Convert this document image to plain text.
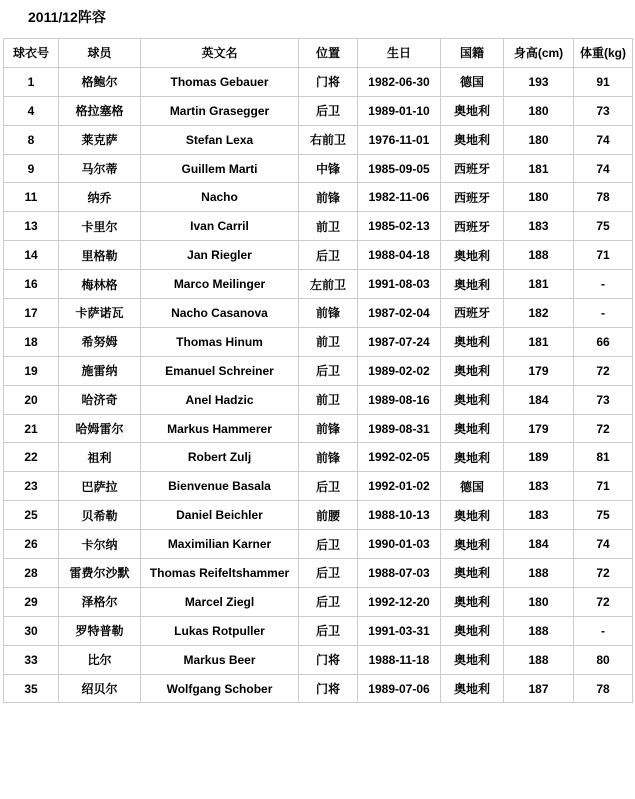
2011/12阵容
球衣号	球员	英文名	位置	生日	国籍	身高(cm)	体重(kg)
1	格鲍尔	Thomas Gebauer	门将	1982-06-30	德国	193	91
4	格拉塞格	Martin Grasegger	后卫	1989-01-10	奥地利	180	73
8	莱克萨	Stefan Lexa	右前卫	1976-11-01	奥地利	180	74
9	马尔蒂	Guillem Marti	中锋	1985-09-05	西班牙	181	74
11	纳乔	Nacho	前锋	1982-11-06	西班牙	180	78
13	卡里尔	Ivan Carril	前卫	1985-02-13	西班牙	183	75
14	里格勒	Jan Riegler	后卫	1988-04-18	奥地利	188	71
16	梅林格	Marco Meilinger	左前卫	1991-08-03	奥地利	181	-
17	卡萨诺瓦	Nacho Casanova	前锋	1987-02-04	西班牙	182	-
18	希努姆	Thomas Hinum	前卫	1987-07-24	奥地利	181	66
19	施雷纳	Emanuel Schreiner	后卫	1989-02-02	奥地利	179	72
20	哈济奇	Anel Hadzic	前卫	1989-08-16	奥地利	184	73
21	哈姆雷尔	Markus Hammerer	前锋	1989-08-31	奥地利	179	72
22	祖利	Robert Zulj	前锋	1992-02-05	奥地利	189	81
23	巴萨拉	Bienvenue Basala	后卫	1992-01-02	德国	183	71
25	贝希勒	Daniel Beichler	前腰	1988-10-13	奥地利	183	75
26	卡尔纳	Maximilian Karner	后卫	1990-01-03	奥地利	184	74
28	雷费尔沙默	Thomas Reifeltshammer	后卫	1988-07-03	奥地利	188	72
29	泽格尔	Marcel Ziegl	后卫	1992-12-20	奥地利	180	72
30	罗特普勒	Lukas Rotpuller	后卫	1991-03-31	奥地利	188	-
33	比尔	Markus Beer	门将	1988-11-18	奥地利	188	80
35	绍贝尔	Wolfgang Schober	门将	1989-07-06	奥地利	187	78
